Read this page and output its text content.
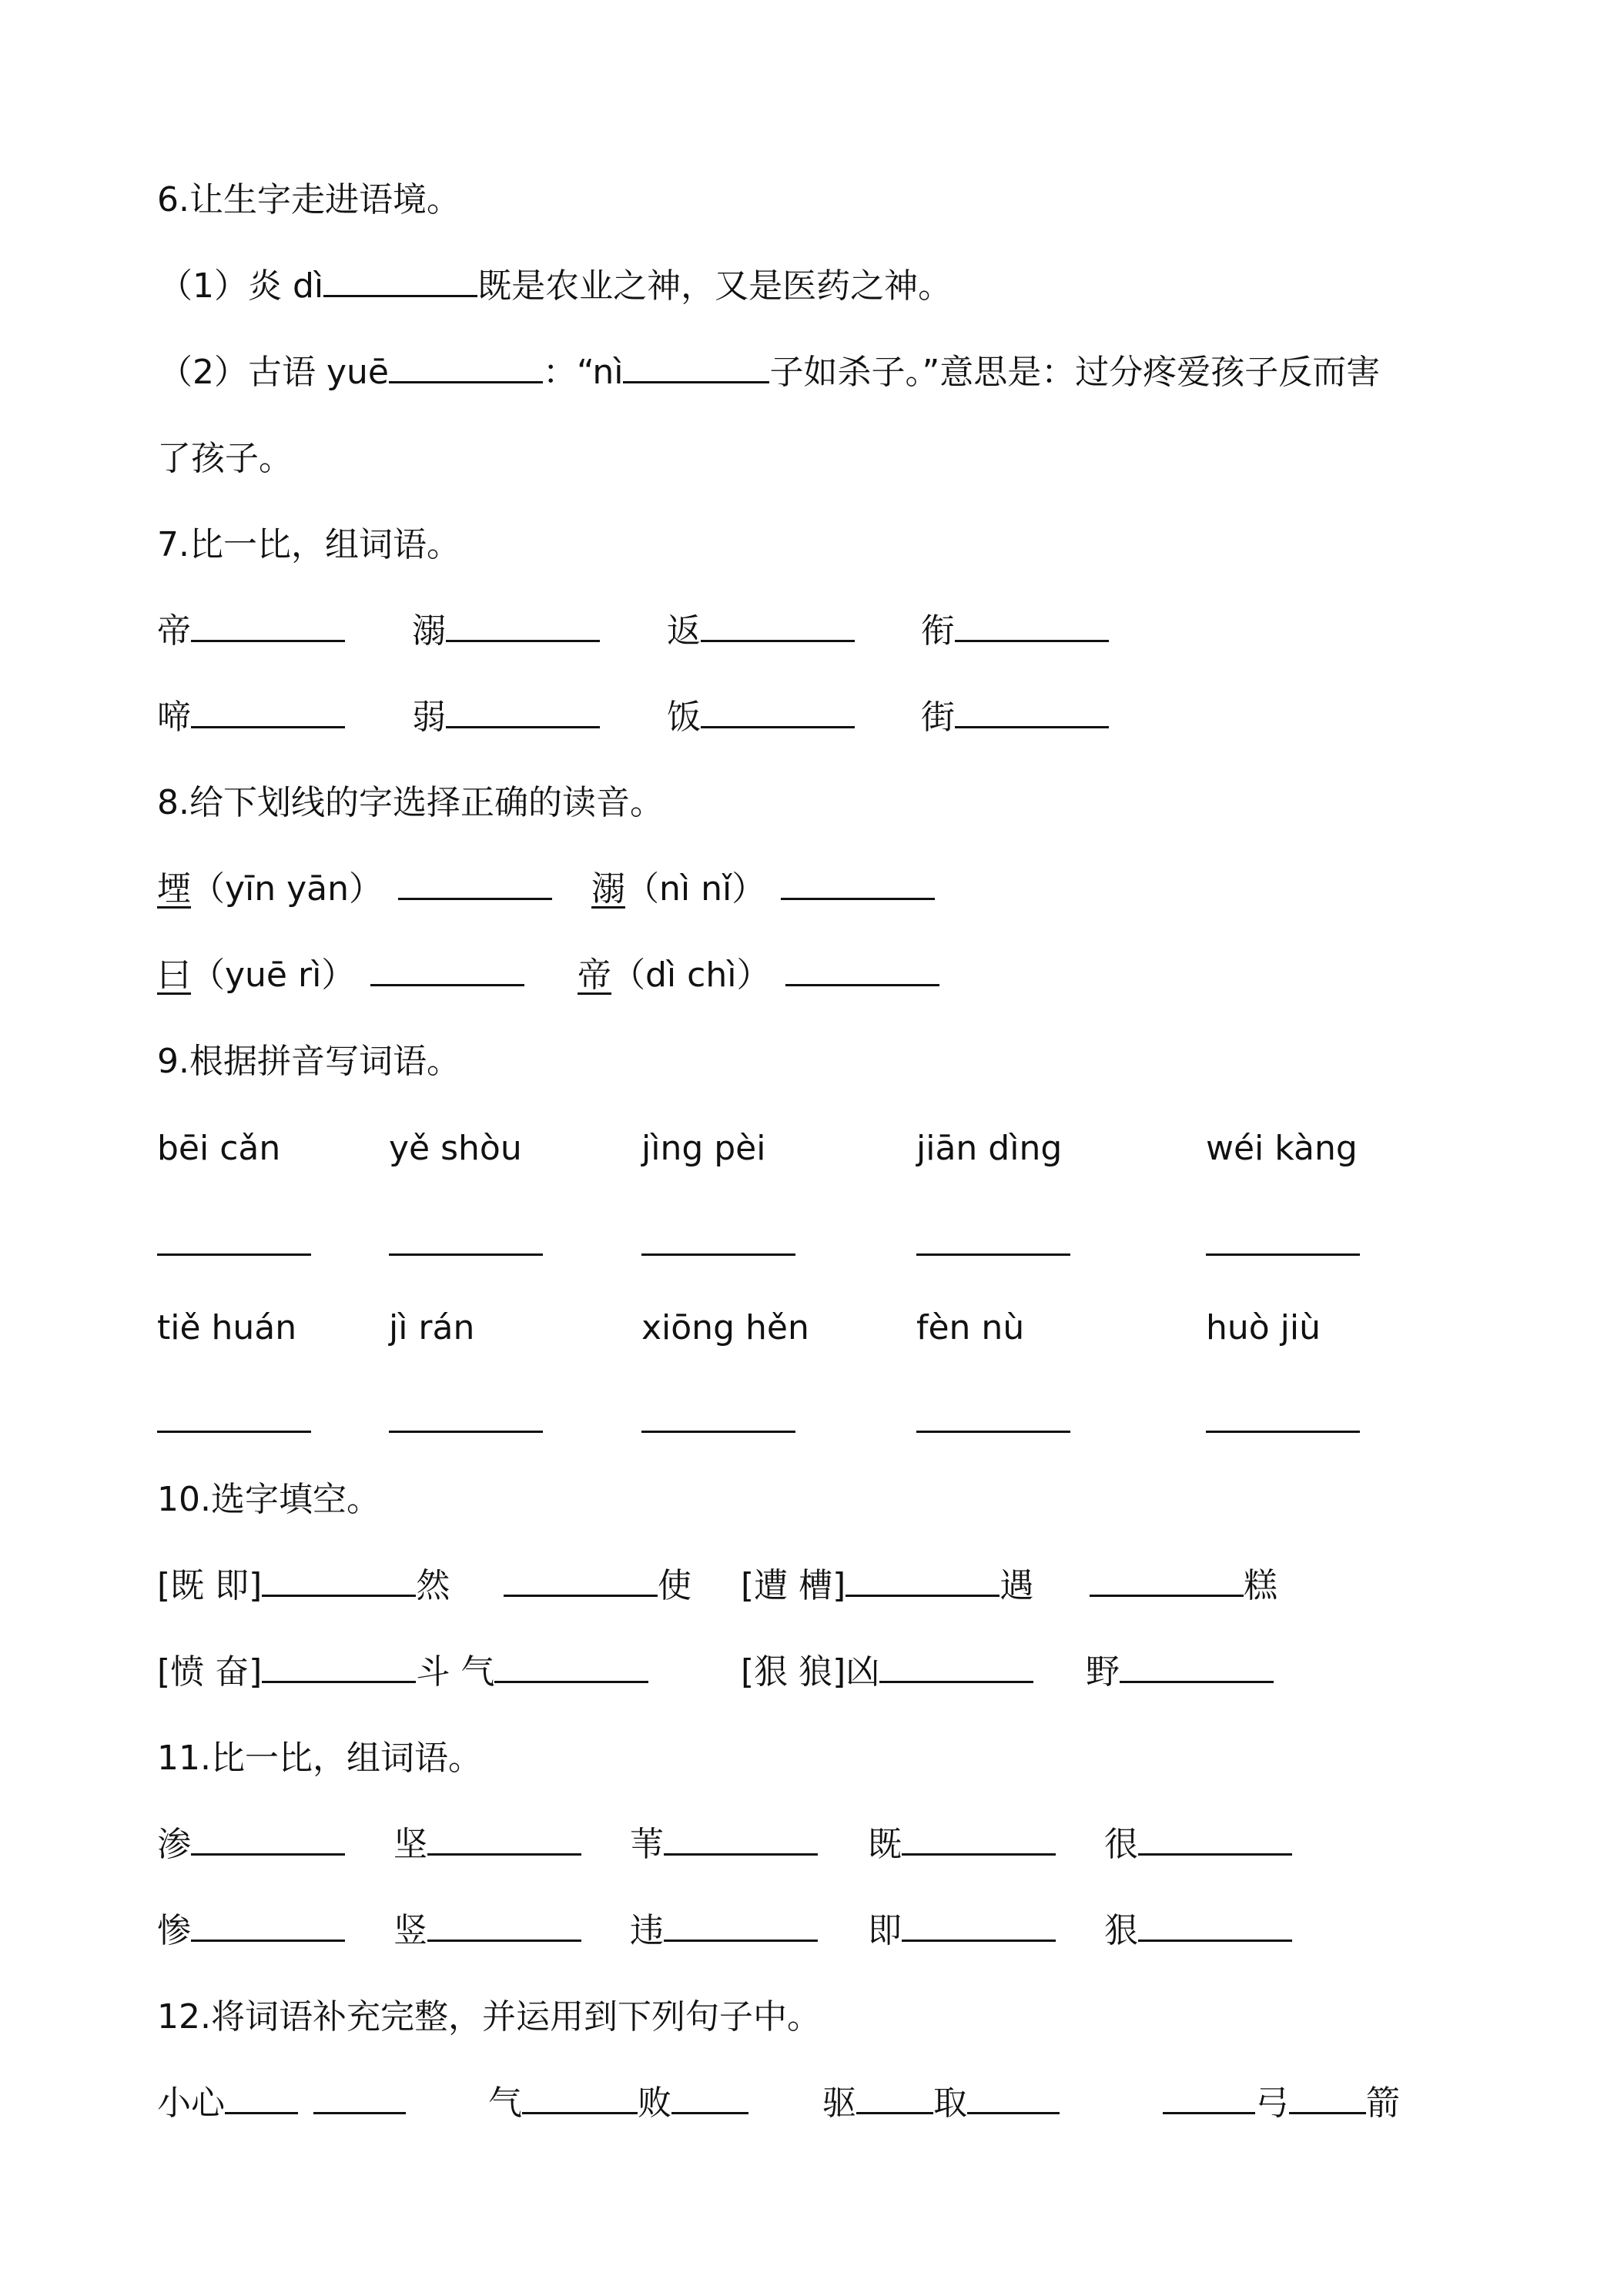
6.让生字走进语境。
（1）炎 dì	既是农业之神，又是医药之神。
（2）古语 yuē	：“nì	子如杀子。”意思是：过分疼爱孩子反而害
了孩子。
7.比一比，组词语。
帝	溺	返	衔
啼	弱	饭	街
8.给下划线的字选择正确的读音。
堙（yīn yān）	溺（nì nǐ）
曰（yuē rì）	帝（dì chì）
9.根据拼音写词语。
bēi cǎn	yě shòu	jìng pèi	jiān dìng	wéi kàng
tiě huán	jì rán	xiōng hěn	fèn nù	huò jiù
10.选字填空。
[既 即]	然	使 [遭 槽]	遇	糕
[愤 奋]	斗 气	[狠 狼]凶	野
11.比一比，组词语。
渗	坚	苇	既	很
惨	竖	违	即	狠
12.将词语补充完整，并运用到下列句子中。
小心	气	败	驱 取	弓 箭
